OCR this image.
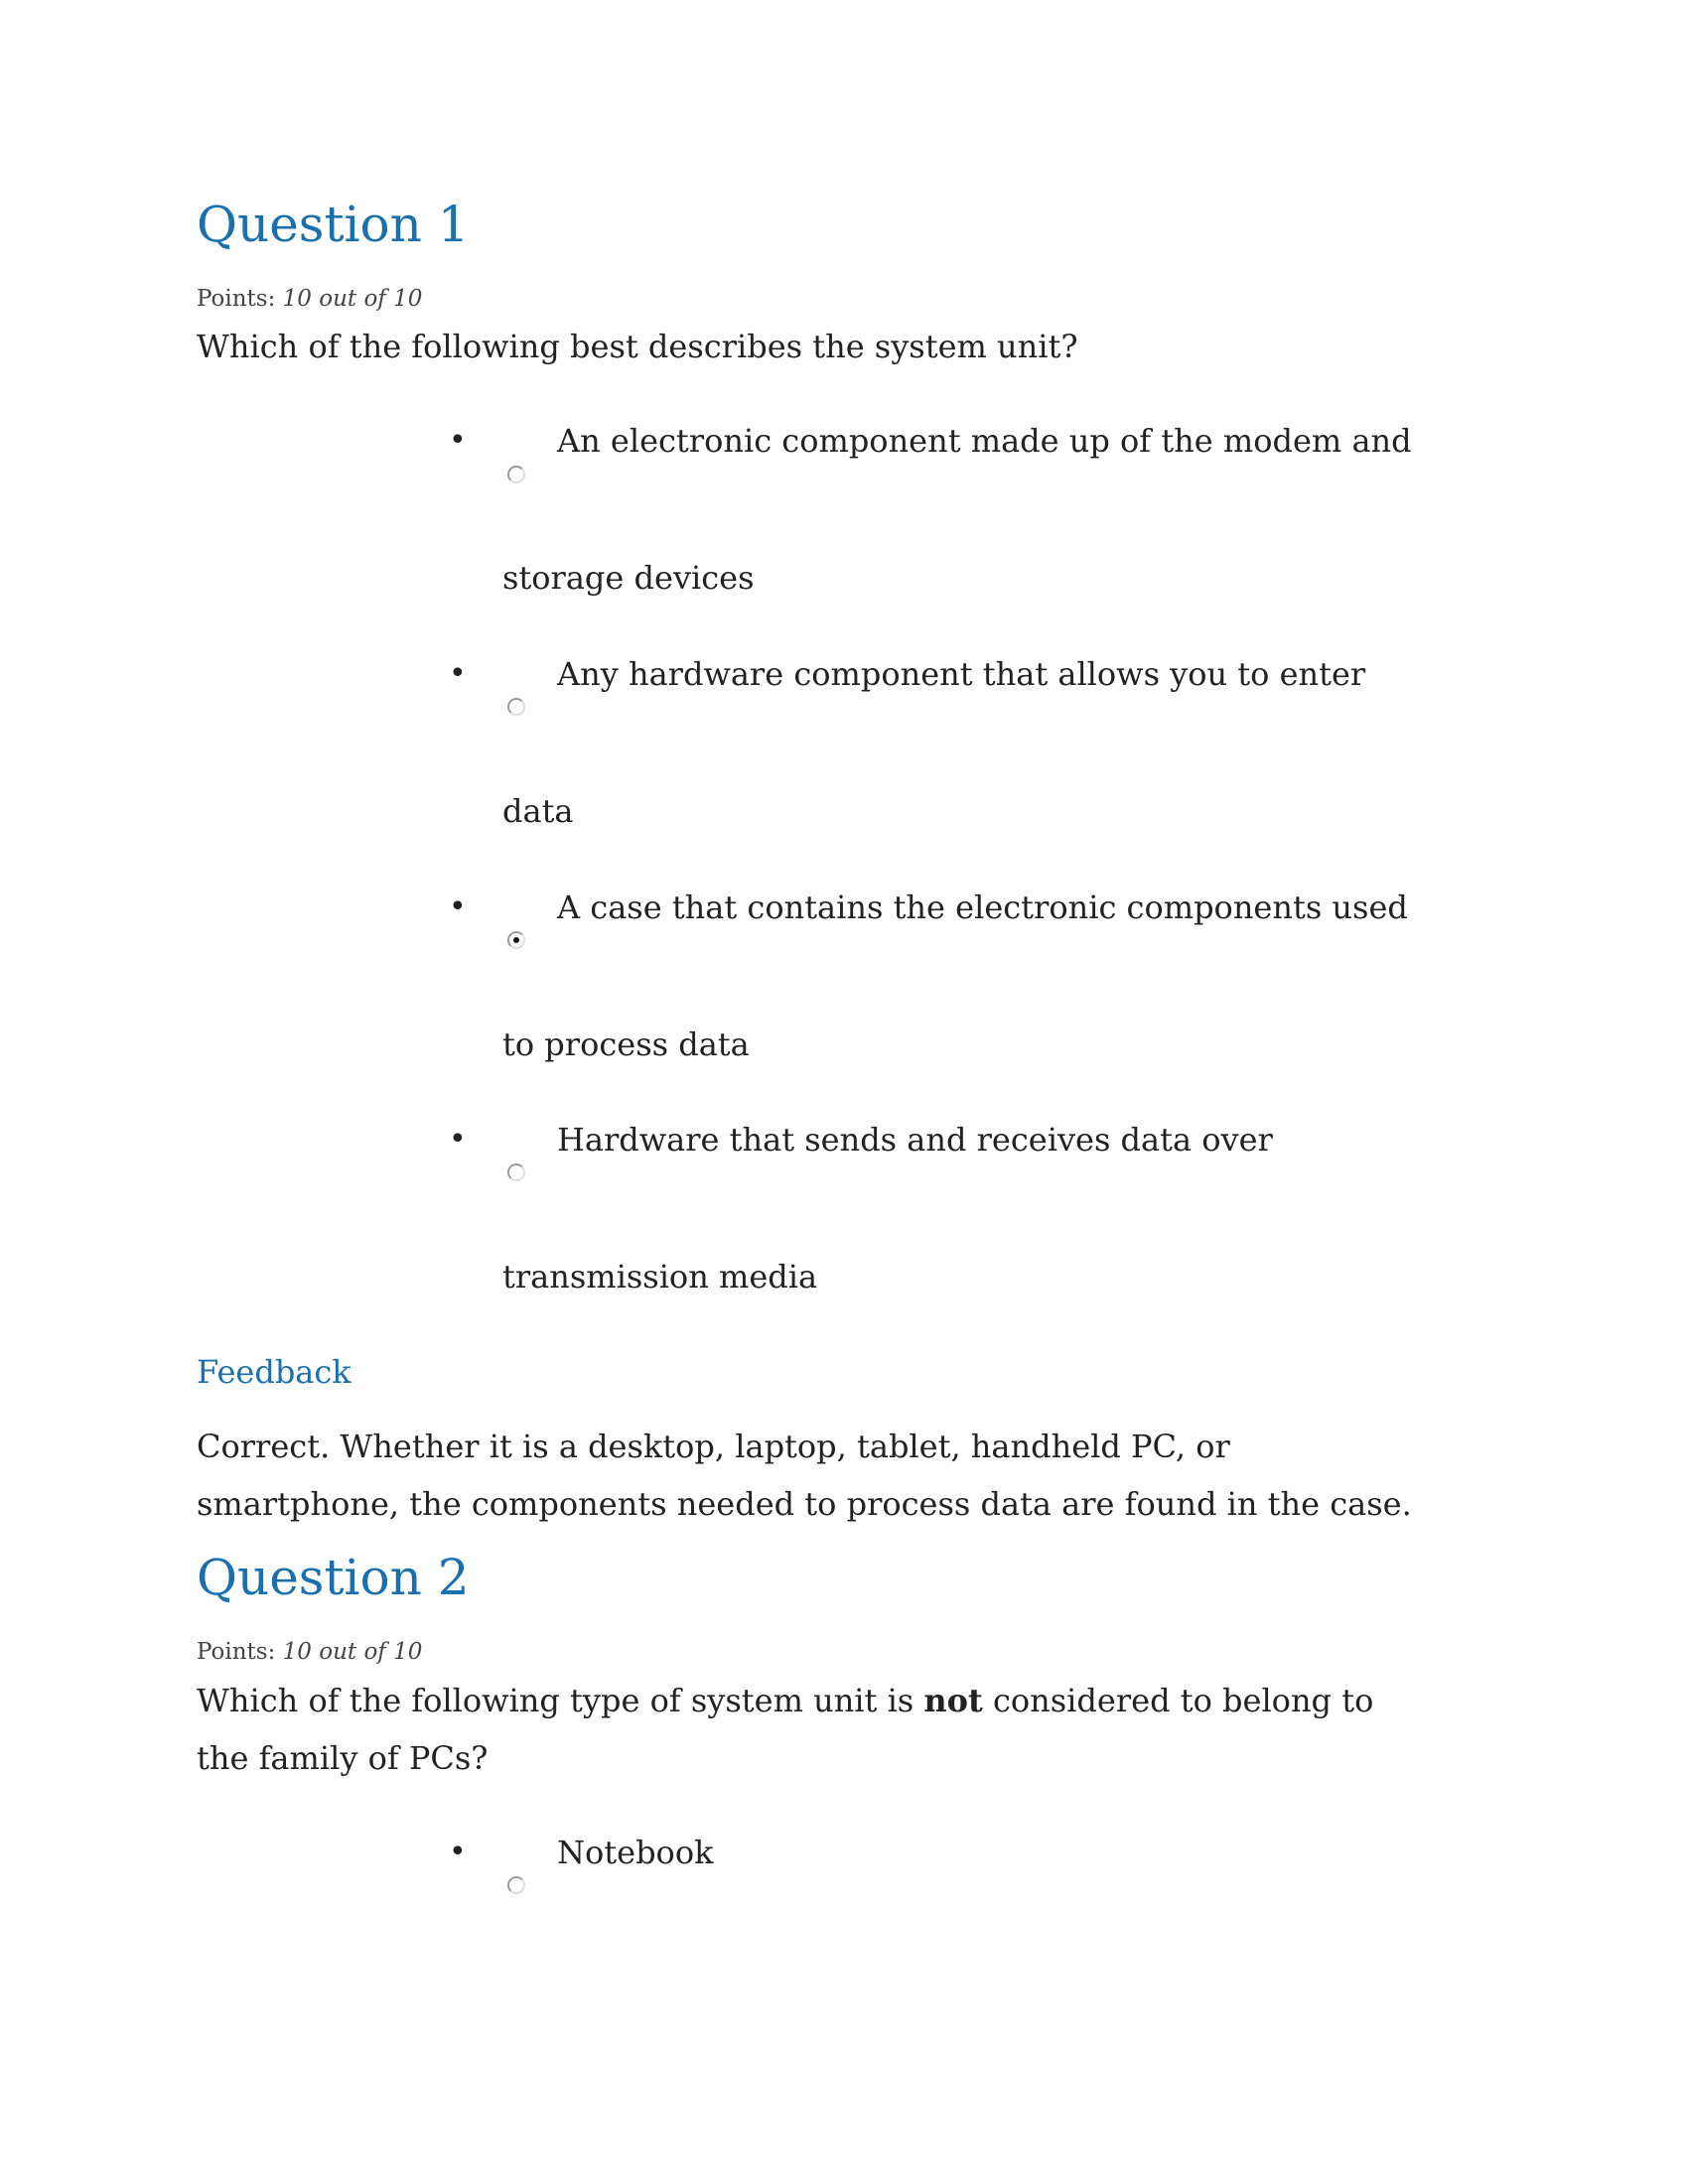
Question 1
Points: 10 out of 10
Which of the following best describes the system unit?
•	An electronic component made up of the modem and
storage devices
•	Any hardware component that allows you to enter
data
•	A case that contains the electronic components used
to process data
•	Hardware that sends and receives data over
transmission media
Feedback
Correct. Whether it is a desktop, laptop, tablet, handheld PC, or
smartphone, the components needed to process data are found in the case.
Question 2
Points: 10 out of 10
Which of the following type of system unit is not considered to belong to
the family of PCs?
•	Notebook
